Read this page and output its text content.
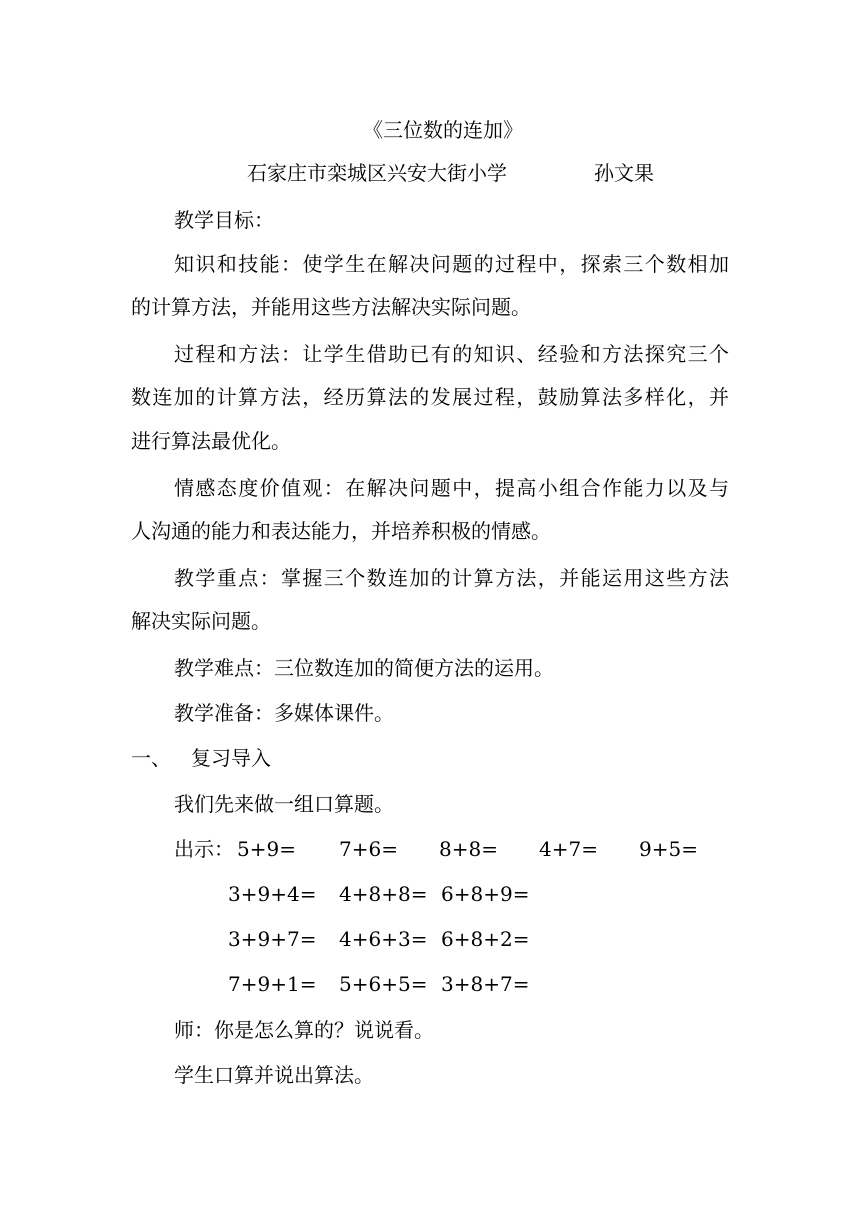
《三位数的连加》
石家庄市栾城区兴安大街小学	孙文果
教学目标：
知识和技能：使学生在解决问题的过程中，探索三个数相加
的计算方法，并能用这些方法解决实际问题。
过程和方法：让学生借助已有的知识、经验和方法探究三个
数连加的计算方法，经历算法的发展过程，鼓励算法多样化，并
进行算法最优化。
情感态度价值观：在解决问题中，提高小组合作能力以及与
人沟通的能力和表达能力，并培养积极的情感。
教学重点：掌握三个数连加的计算方法，并能运用这些方法
解决实际问题。
教学难点：三位数连加的简便方法的运用。
教学准备：多媒体课件。
一、 复习导入
我们先来做一组口算题。
出示： 5+9= 7+6= 8+8= 4+7= 9+5=
3+9+4= 4+8+8= 6+8+9=
3+9+7= 4+6+3= 6+8+2=
7+9+1= 5+6+5= 3+8+7=
师：你是怎么算的？说说看。
学生口算并说出算法。
